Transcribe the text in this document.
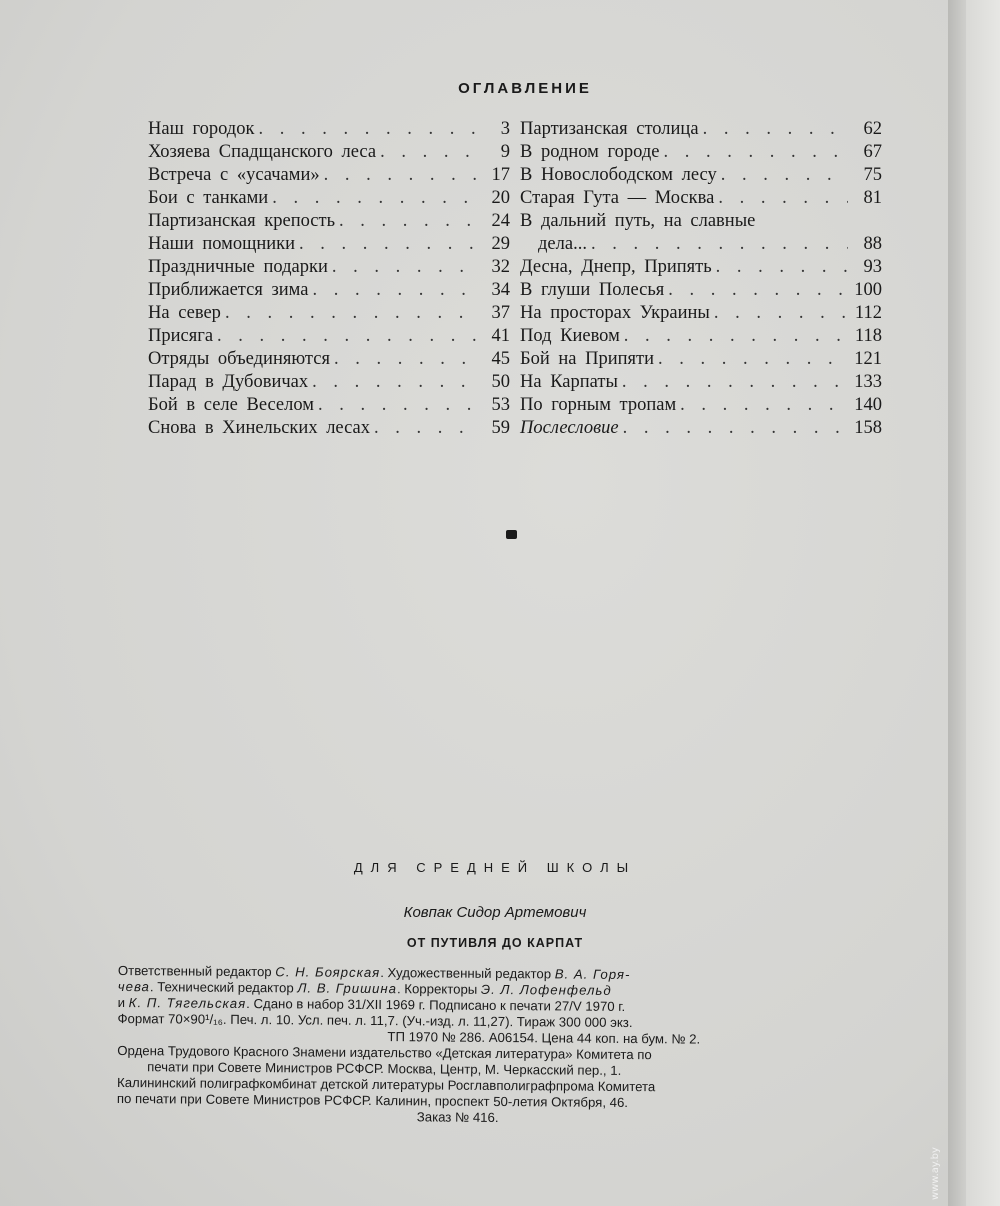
ОГЛАВЛЕНИЕ
Наш городок . . .	3
Хозяева Спадщанского леса . . .	9
Встреча с «усачами» . . .	17
Бои с танками . . .	20
Партизанская крепость . . .	24
Наши помощники . . .	29
Праздничные подарки . . .	32
Приближается зима . . .	34
На север . . .	37
Присяга . . .	41
Отряды объединяются . . .	45
Парад в Дубовичах . . .	50
Бой в селе Веселом . . .	53
Снова в Хинельских лесах . . .	59
Партизанская столица . . .	62
В родном городе . . .	67
В Новослободском лесу . . .	75
Старая Гута — Москва . . .	81
В дальний путь, на славные
дела... . . .	88
Десна, Днепр, Припять . . .	93
В глуши Полесья . . .	100
На просторах Украины . . .	112
Под Киевом . . .	118
Бой на Припяти . . .	121
На Карпаты . . .	133
По горным тропам . . .	140
Послесловие . . .	158
ДЛЯ СРЕДНЕЙ ШКОЛЫ
Ковпак Сидор Артемович
ОТ ПУТИВЛЯ ДО КАРПАТ
Ответственный редактор С. Н. Боярская. Художественный редактор В. А. Горя-
чева. Технический редактор Л. В. Гришина. Корректоры Э. Л. Лофенфельд
и К. П. Тягельская. Сдано в набор 31/XII 1969 г. Подписано к печати 27/V 1970 г.
Формат 70×90¹/₁₆. Печ. л. 10. Усл. печ. л. 11,7. (Уч.-изд. л. 11,27). Тираж 300 000 экз.
ТП 1970 № 286. А06154. Цена 44 коп. на бум. № 2.
Ордена Трудового Красного Знамени издательство «Детская литература» Комитета по
печати при Совете Министров РСФСР. Москва, Центр, М. Черкасский пер., 1.
Калининский полиграфкомбинат детской литературы Росглавполиграфпрома Комитета
по печати при Совете Министров РСФСР. Калинин, проспект 50-летия Октября, 46.
Заказ № 416.
www.ay.by
